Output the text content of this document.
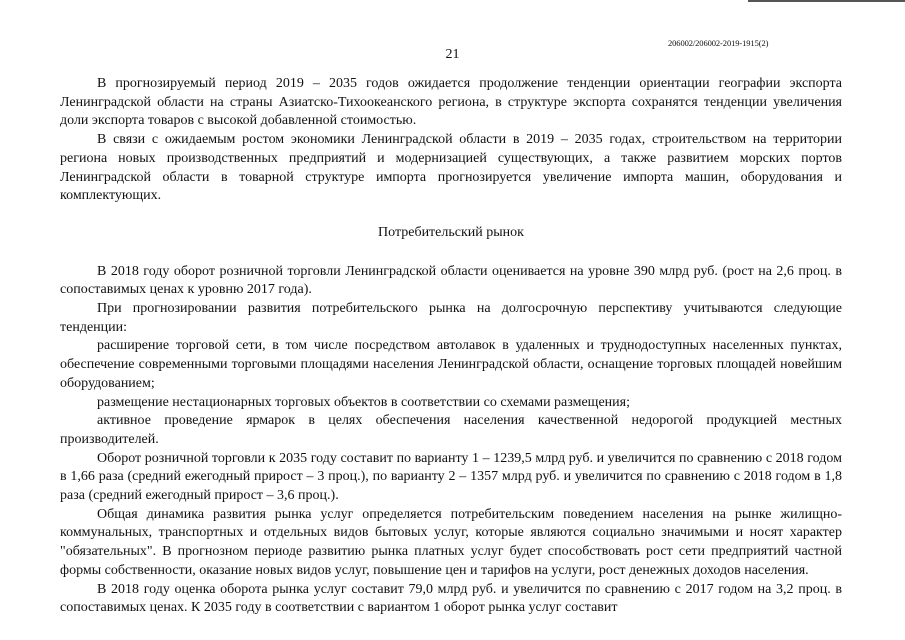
206002/206002-2019-1915(2)
21

В прогнозируемый период 2019 – 2035 годов ожидается продолжение тенденции ориентации географии экспорта Ленинградской области на страны Азиатско-Тихоокеанского региона, в структуре экспорта сохранятся тенденции увеличения доли экспорта товаров с высокой добавленной стоимостью.

В связи с ожидаемым ростом экономики Ленинградской области в 2019 – 2035 годах, строительством на территории региона новых производственных предприятий и модернизацией существующих, а также развитием морских портов Ленинградской области в товарной структуре импорта прогнозируется увеличение импорта машин, оборудования и комплектующих.

Потребительский рынок

В 2018 году оборот розничной торговли Ленинградской области оценивается на уровне 390 млрд руб. (рост на 2,6 проц. в сопоставимых ценах к уровню 2017 года).

При прогнозировании развития потребительского рынка на долгосрочную перспективу учитываются следующие тенденции:

расширение торговой сети, в том числе посредством автолавок в удаленных и труднодоступных населенных пунктах, обеспечение современными торговыми площадями населения Ленинградской области, оснащение торговых площадей новейшим оборудованием;

размещение нестационарных торговых объектов в соответствии со схемами размещения;

активное проведение ярмарок в целях обеспечения населения качественной недорогой продукцией местных производителей.

Оборот розничной торговли к 2035 году составит по варианту 1 – 1239,5 млрд руб. и увеличится по сравнению с 2018 годом в 1,66 раза (средний ежегодный прирост – 3 проц.), по варианту 2 – 1357 млрд руб. и увеличится по сравнению с 2018 годом в 1,8 раза (средний ежегодный прирост – 3,6 проц.).

Общая динамика развития рынка услуг определяется потребительским поведением населения на рынке жилищно-коммунальных, транспортных и отдельных видов бытовых услуг, которые являются социально значимыми и носят характер "обязательных". В прогнозном периоде развитию рынка платных услуг будет способствовать рост сети предприятий частной формы собственности, оказание новых видов услуг, повышение цен и тарифов на услуги, рост денежных доходов населения.

В 2018 году оценка оборота рынка услуг составит 79,0 млрд руб. и увеличится по сравнению с 2017 годом на 3,2 проц. в сопоставимых ценах. К 2035 году в соответствии с вариантом 1 оборот рынка услуг составит
